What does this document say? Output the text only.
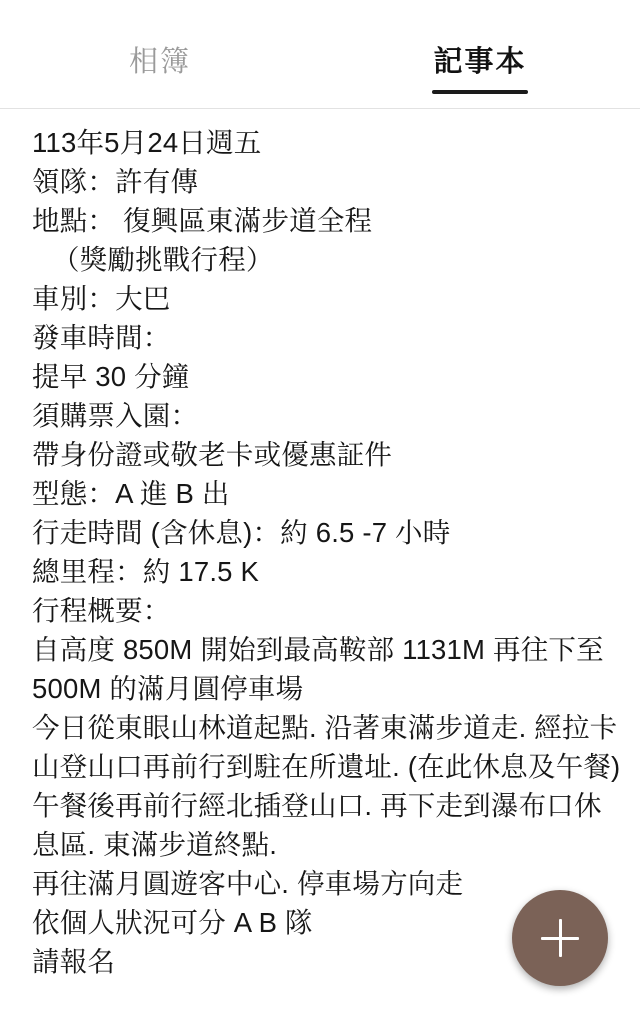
相簿	記事本
113年5月24日週五
領隊：許有傳
地點： 復興區東滿步道全程
（獎勵挑戰行程）
車別：大巴
發車時間：
提早 30 分鐘
須購票入園：
帶身份證或敬老卡或優惠証件
型態：A 進 B 出
行走時間 (含休息)：約 6.5 -7 小時
總里程：約 17.5 K
行程概要：
自高度 850M 開始到最高鞍部 1131M 再往下至 500M 的滿月圓停車場
今日從東眼山林道起點. 沿著東滿步道走. 經拉卡山登山口再前行到駐在所遺址. (在此休息及午餐)
午餐後再前行經北插登山口. 再下走到瀑布口休息區. 東滿步道終點.
再往滿月圓遊客中心. 停車場方向走
依個人狀況可分 A B 隊
請報名
